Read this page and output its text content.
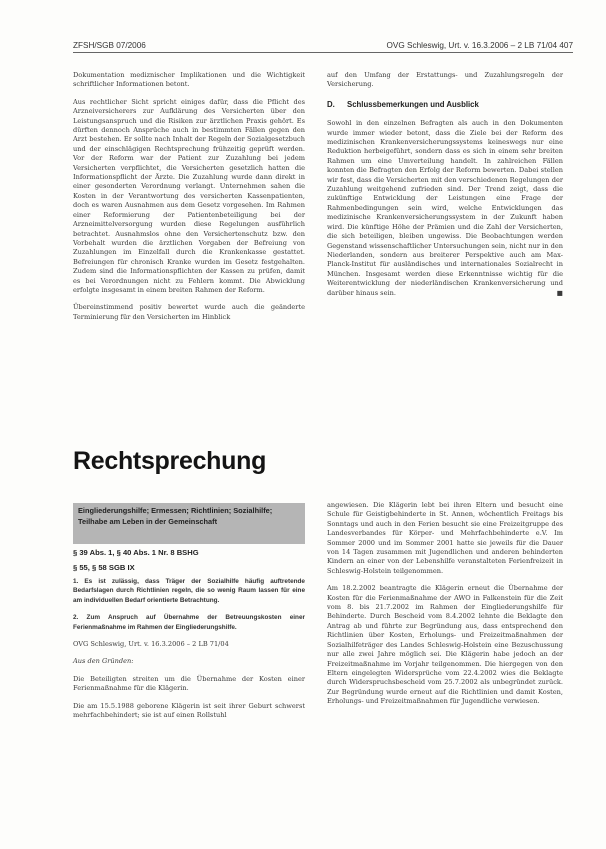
ZFSH/SGB 07/2006	OVG Schleswig, Urt. v. 16.3.2006 – 2 LB 71/04 407

Dokumentation mediznischer Implikationen und die Wichtigkeit schriftlicher Informationen betont.

Aus rechtlicher Sicht spricht einiges dafür, dass die Pflicht des Arzneiversicherers zur Aufklärung des Versicherten über den Leistungsanspruch und die Risiken zur ärztlichen Praxis gehört. Es dürften dennoch Ansprüche auch in bestimmten Fällen gegen den Arzt bestehen. Er sollte nach Inhalt der Regeln der Sozialgesetzbuch und der einschlägigen Rechtsprechung frühzeitig geprüft werden. Vor der Reform war der Patient zur Zuzahlung bei jedem Versicherten verpflichtet, die Versicherten gesetzlich hatten die Informationspflicht der Ärzte. Die Zuzahlung wurde dann direkt in einer gesonderten Verordnung verlangt. Unternehmen sahen die Kosten in der Verantwortung des versicherten Kassenpatienten, doch es waren Ausnahmen aus dem Gesetz vorgesehen. Im Rahmen einer Reformierung der Patientenbeteiligung bei der Arzneimittelversorgung wurden diese Regelungen ausführlich betrachtet. Ausnahmslos ohne den Versichertenschutz bzw. den Vorbehalt wurden die ärztlichen Vorgaben der Befreiung von Zuzahlungen im Einzelfall durch die Krankenkasse gestattet. Befreiungen für chronisch Kranke wurden im Gesetz festgehalten. Zudem sind die Informationspflichten der Kassen zu prüfen, damit es bei Verordnungen nicht zu Fehlern kommt. Die Abwicklung erfolgte insgesamt in einem breiten Rahmen der Reform.

Übereinstimmend positiv bewertet wurde auch die geänderte Terminierung für den Versicherten im Hinblick

auf den Umfang der Erstattungs- und Zuzahlungsregeln der Versicherung.

D. Schlussbemerkungen und Ausblick

Sowohl in den einzelnen Befragten als auch in den Dokumenten wurde immer wieder betont, dass die Ziele bei der Reform des medizinischen Krankenversicherungssystems keineswegs nur eine Reduktion herbeigeführt, sondern dass es sich in einem sehr breiten Rahmen um eine Umverteilung handelt. In zahlreichen Fällen konnten die Befragten den Erfolg der Reform bewerten. Dabei stellen wir fest, dass die Versicherten mit den verschiedenen Regelungen der Zuzahlung weitgehend zufrieden sind. Der Trend zeigt, dass die zukünftige Entwicklung der Leistungen eine Frage der Rahmenbedingungen sein wird, welche Entwicklungen das medizinische Krankenversicherungssystem in der Zukunft haben wird. Die künftige Höhe der Prämien und die Zahl der Versicherten, die sich beteiligen, bleiben ungewiss. Die Beobachtungen werden Gegenstand wissenschaftlicher Untersuchungen sein, nicht nur in den Niederlanden, sondern aus breiterer Perspektive auch am Max-Planck-Institut für ausländisches und internationales Sozialrecht in München. Insgesamt werden diese Erkenntnisse wichtig für die Weiterentwicklung der niederländischen Krankenversicherung und darüber hinaus sein.	■

Rechtsprechung
Eingliederungshilfe; Ermessen; Richtlinien; Sozialhilfe; Teilhabe am Leben in der Gemeinschaft
§ 39 Abs. 1, § 40 Abs. 1 Nr. 8 BSHG
§ 55, § 58 SGB IX

1. Es ist zulässig, dass Träger der Sozialhilfe häufig auftretende Bedarfslagen durch Richtlinien regeln, die so wenig Raum lassen für eine am individuellen Bedarf orientierte Betrachtung.

2. Zum Anspruch auf Übernahme der Betreuungskosten einer Ferienmaßnahme im Rahmen der Eingliederungshilfe.

OVG Schleswig, Urt. v. 16.3.2006 – 2 LB 71/04

Aus den Gründen:

Die Beteiligten streiten um die Übernahme der Kosten einer Ferienmaßnahme für die Klägerin.

Die am 15.5.1988 geborene Klägerin ist seit ihrer Geburt schwerst mehrfachbehindert; sie ist auf einen Rollstuhl

angewiesen. Die Klägerin lebt bei ihren Eltern und besucht eine Schule für Geistigbehinderte in St. Annen, wöchentlich Freitags bis Sonntags und auch in den Ferien besucht sie eine Freizeitgruppe des Landesverbandes für Körper- und Mehrfachbehinderte e.V. Im Sommer 2000 und im Sommer 2001 hatte sie jeweils für die Dauer von 14 Tagen zusammen mit Jugendlichen und anderen behinderten Kindern an einer von der Lebenshilfe veranstalteten Ferienfreizeit in Schleswig-Holstein teilgenommen.

Am 18.2.2002 beantragte die Klägerin erneut die Übernahme der Kosten für die Ferienmaßnahme der AWO in Falkenstein für die Zeit vom 8. bis 21.7.2002 im Rahmen der Eingliederungshilfe für Behinderte. Durch Bescheid vom 8.4.2002 lehnte die Beklagte den Antrag ab und führte zur Begründung aus, dass entsprechend den Richtlinien über Kosten, Erholungs- und Freizeitmaßnahmen der Sozialhilfeträger des Landes Schleswig-Holstein eine Bezuschussung nur alle zwei Jahre möglich sei. Die Klägerin habe jedoch an der Freizeitmaßnahme im Vorjahr teilgenommen. Die hiergegen von den Eltern eingelegten Widersprüche vom 22.4.2002 wies die Beklagte durch Widerspruchsbescheid vom 25.7.2002 als unbegründet zurück. Zur Begründung wurde erneut auf die Richtlinien und damit Kosten, Erholungs- und Freizeitmaßnahmen für Jugendliche verwiesen.
